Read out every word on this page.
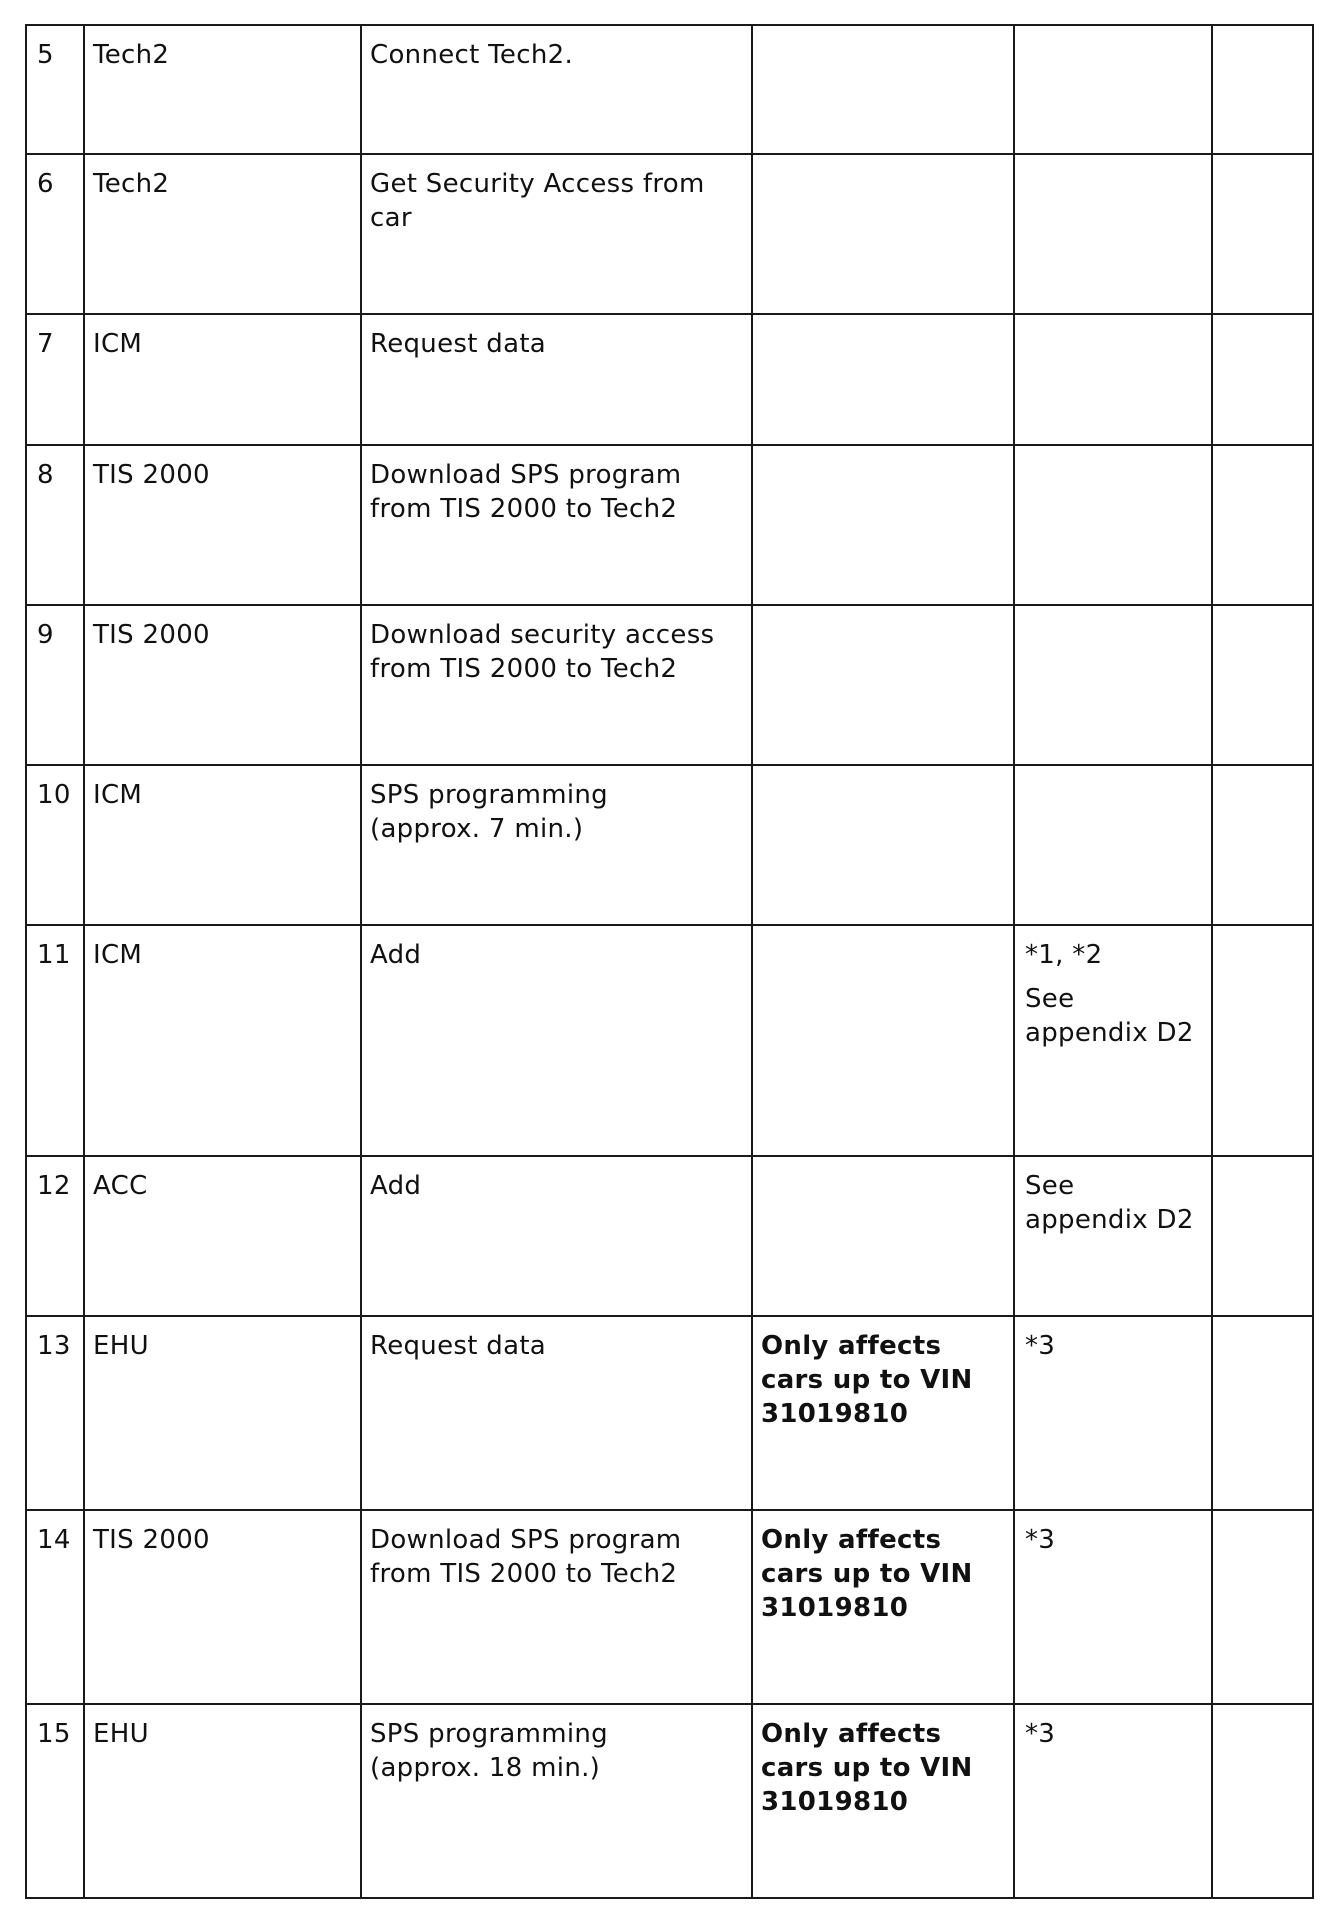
5	Tech2	Connect Tech2.			

6	Tech2	Get Security Access from car			

7	ICM	Request data			

8	TIS 2000	Download SPS program from TIS 2000 to Tech2			

9	TIS 2000	Download security access from TIS 2000 to Tech2			

10	ICM	SPS programming
(approx. 7 min.)			

11	ICM	Add		*1, *2
See appendix D2	

12	ACC	Add		See appendix D2	

13	EHU	Request data	Only affects cars up to VIN 31019810	*3	

14	TIS 2000	Download SPS program from TIS 2000 to Tech2	Only affects cars up to VIN 31019810	*3	

15	EHU	SPS programming
(approx. 18 min.)	Only affects cars up to VIN 31019810	*3	
